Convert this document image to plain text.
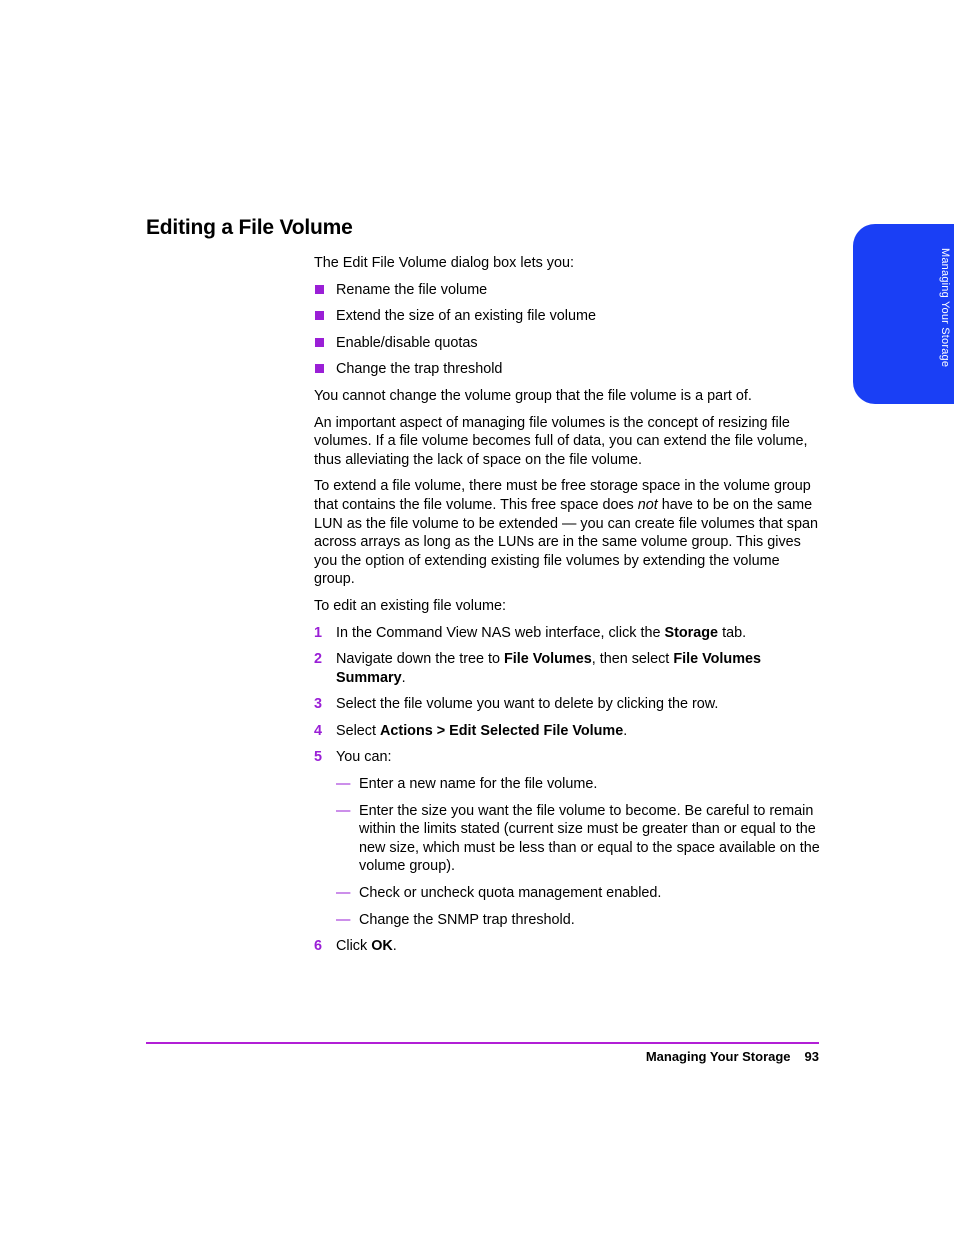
Managing Your Storage
Editing a File Volume

The Edit File Volume dialog box lets you:

Rename the file volume
Extend the size of an existing file volume
Enable/disable quotas
Change the trap threshold

You cannot change the volume group that the file volume is a part of.

An important aspect of managing file volumes is the concept of resizing file volumes. If a file volume becomes full of data, you can extend the file volume, thus alleviating the lack of space on the file volume.

To extend a file volume, there must be free storage space in the volume group that contains the file volume. This free space does not have to be on the same LUN as the file volume to be extended — you can create file volumes that span across arrays as long as the LUNs are in the same volume group. This gives you the option of extending existing file volumes by extending the volume group.

To edit an existing file volume:

1 In the Command View NAS web interface, click the Storage tab.
2 Navigate down the tree to File Volumes, then select File Volumes Summary.
3 Select the file volume you want to delete by clicking the row.
4 Select Actions > Edit Selected File Volume.
5 You can:
— Enter a new name for the file volume.
— Enter the size you want the file volume to become. Be careful to remain within the limits stated (current size must be greater than or equal to the new size, which must be less than or equal to the space available on the volume group).
— Check or uncheck quota management enabled.
— Change the SNMP trap threshold.
6 Click OK.
Managing Your Storage 93
